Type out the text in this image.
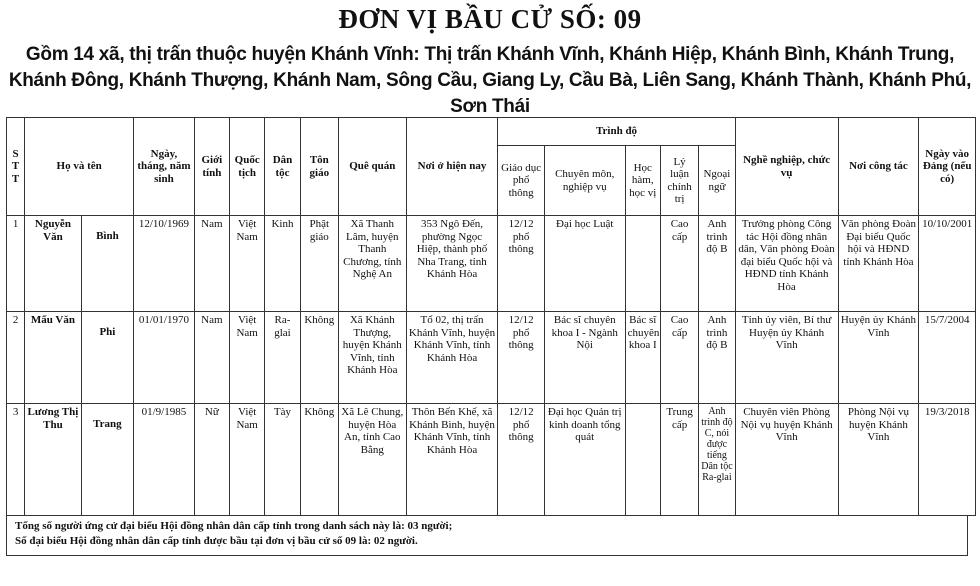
ĐƠN VỊ BẦU CỬ SỐ: 09
Gồm 14 xã, thị trấn thuộc huyện Khánh Vĩnh: Thị trấn Khánh Vĩnh, Khánh Hiệp, Khánh Bình, Khánh Trung,
Khánh Đông, Khánh Thượng, Khánh Nam, Sông Cầu, Giang Ly, Cầu Bà, Liên Sang, Khánh Thành, Khánh Phú, Sơn Thái
STT	Họ và tên		Ngày, tháng, năm sinh	Giới tính	Quốc tịch	Dân tộc	Tôn giáo	Quê quán	Nơi ở hiện nay	Trình độ					Nghề nghiệp, chức vụ	Nơi công tác	Ngày vào Đảng (nếu có)
										Giáo dục phổ thông	Chuyên môn, nghiệp vụ	Học hàm, học vị	Lý luận chính trị	Ngoại ngữ			
1	Nguyễn Văn	Bình	12/10/1969	Nam	Việt Nam	Kinh	Phật giáo	Xã Thanh Lâm, huyện Thanh Chương, tỉnh Nghệ An	353 Ngô Đến, phường Ngọc Hiệp, thành phố Nha Trang, tỉnh Khánh Hòa	12/12 phổ thông	Đại học Luật		Cao cấp	Anh trình độ B	Trưởng phòng Công tác Hội đồng nhân dân, Văn phòng Đoàn đại biểu Quốc hội và HĐND tỉnh Khánh Hòa	Văn phòng Đoàn Đại biểu Quốc hội và HĐND tỉnh Khánh Hòa	10/10/2001
2	Mấu Văn	Phi	01/01/1970	Nam	Việt Nam	Ra-glai	Không	Xã Khánh Thượng, huyện Khánh Vĩnh, tỉnh Khánh Hòa	Tổ 02, thị trấn Khánh Vĩnh, huyện Khánh Vĩnh, tỉnh Khánh Hòa	12/12 phổ thông	Bác sĩ chuyên khoa I - Ngành Nội	Bác sĩ chuyên khoa I	Cao cấp	Anh trình độ B	Tỉnh ủy viên, Bí thư Huyện ủy Khánh Vĩnh	Huyện ủy Khánh Vĩnh	15/7/2004
3	Lương Thị Thu	Trang	01/9/1985	Nữ	Việt Nam	Tày	Không	Xã Lê Chung, huyện Hòa An, tỉnh Cao Bằng	Thôn Bến Khế, xã Khánh Bình, huyện Khánh Vĩnh, tỉnh Khánh Hòa	12/12 phổ thông	Đại học Quản trị kinh doanh tổng quát		Trung cấp	Anh trình độ C, nói được tiếng Dân tộc Ra-glai	Chuyên viên Phòng Nội vụ huyện Khánh Vĩnh	Phòng Nội vụ huyện Khánh Vĩnh	19/3/2018
Tổng số người ứng cử đại biểu Hội đồng nhân dân cấp tỉnh trong danh sách này là: 03 người;
Số đại biểu Hội đồng nhân dân cấp tỉnh được bầu tại đơn vị bầu cử số 09 là: 02 người.
